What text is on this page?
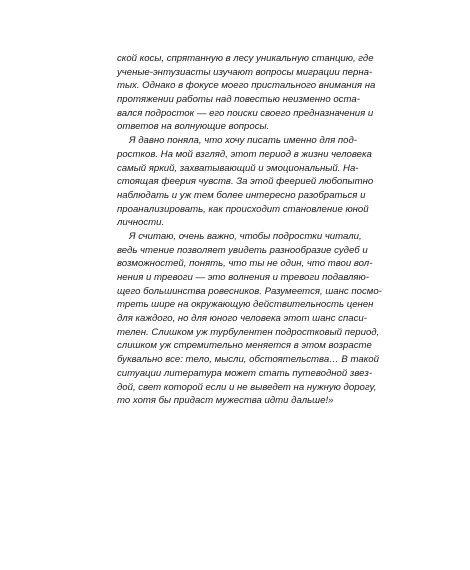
ской косы, спрятанную в лесу уникальную станцию, где
ученые-энтузиасты изучают вопросы миграции перна-
тых. Однако в фокусе моего пристального внимания на
протяжении работы над повестью неизменно оста-
вался подросток — его поиски своего предназначения и
ответов на волнующие вопросы.
Я давно поняла, что хочу писать именно для под-
ростков. На мой взгляд, этот период в жизни человека
самый яркий, захватывающий и эмоциональный. На-
стоящая феерия чувств. За этой феерией любопытно
наблюдать и уж тем более интересно разобраться и
проанализировать, как происходит становление юной
личности.
Я считаю, очень важно, чтобы подростки читали,
ведь чтение позволяет увидеть разнообразие судеб и
возможностей, понять, что ты не один, что твои вол-
нения и тревоги — это волнения и тревоги подавляю-
щего большинства ровесников. Разумеется, шанс посмо-
треть шире на окружающую действительность ценен
для каждого, но для юного человека этот шанс спаси-
телен. Слишком уж турбулентен подростковый период,
слишком уж стремительно меняется в этом возрасте
буквально все: тело, мысли, обстоятельства… В такой
ситуации литература может стать путеводной звез-
дой, свет которой если и не выведет на нужную дорогу,
то хотя бы придаст мужества идти дальше!»
